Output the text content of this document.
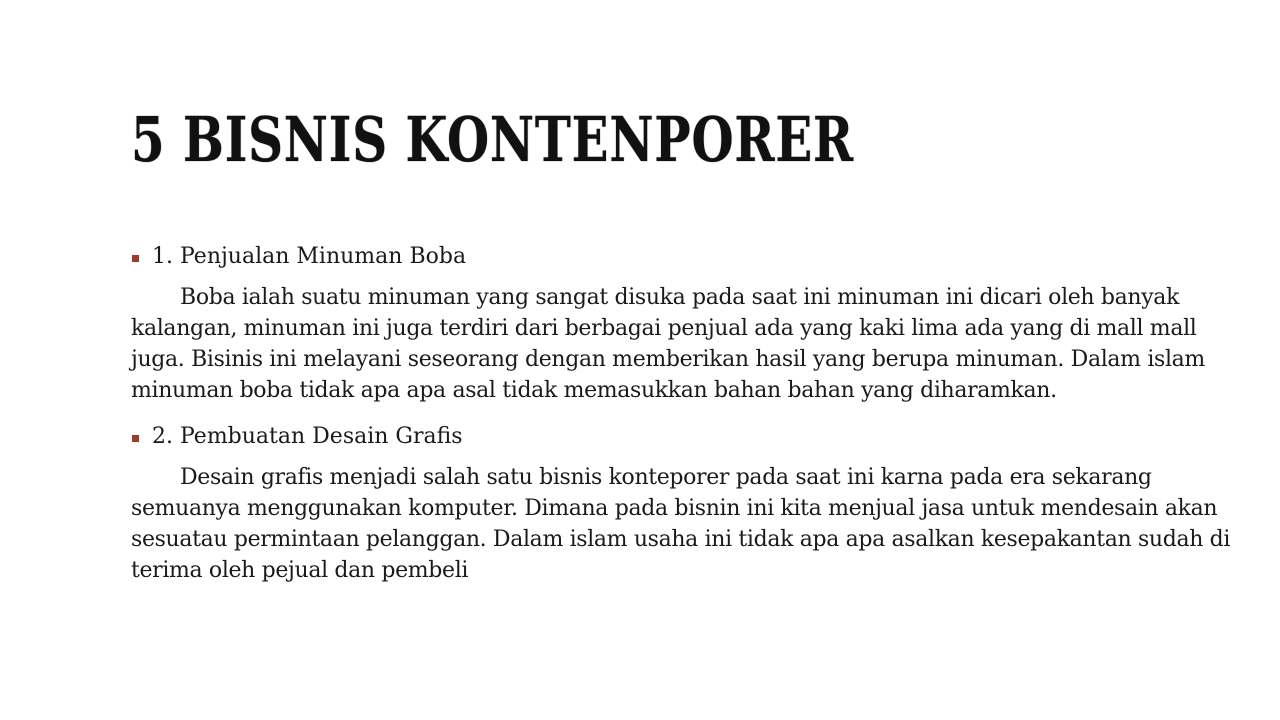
5 BISNIS KONTENPORER
1. Penjualan Minuman Boba

Boba ialah suatu minuman yang sangat disuka pada saat ini minuman ini dicari oleh banyak kalangan, minuman ini juga terdiri dari berbagai penjual ada yang kaki lima ada yang di mall mall juga. Bisinis ini melayani seseorang dengan memberikan hasil yang berupa minuman. Dalam islam minuman boba tidak apa apa asal tidak memasukkan bahan bahan yang diharamkan.

2. Pembuatan Desain Grafis

Desain grafis menjadi salah satu bisnis konteporer pada saat ini karna pada era sekarang semuanya menggunakan komputer. Dimana pada bisnin ini kita menjual jasa untuk mendesain akan sesuatau permintaan pelanggan. Dalam islam usaha ini tidak apa apa asalkan kesepakantan sudah di terima oleh pejual dan pembeli
